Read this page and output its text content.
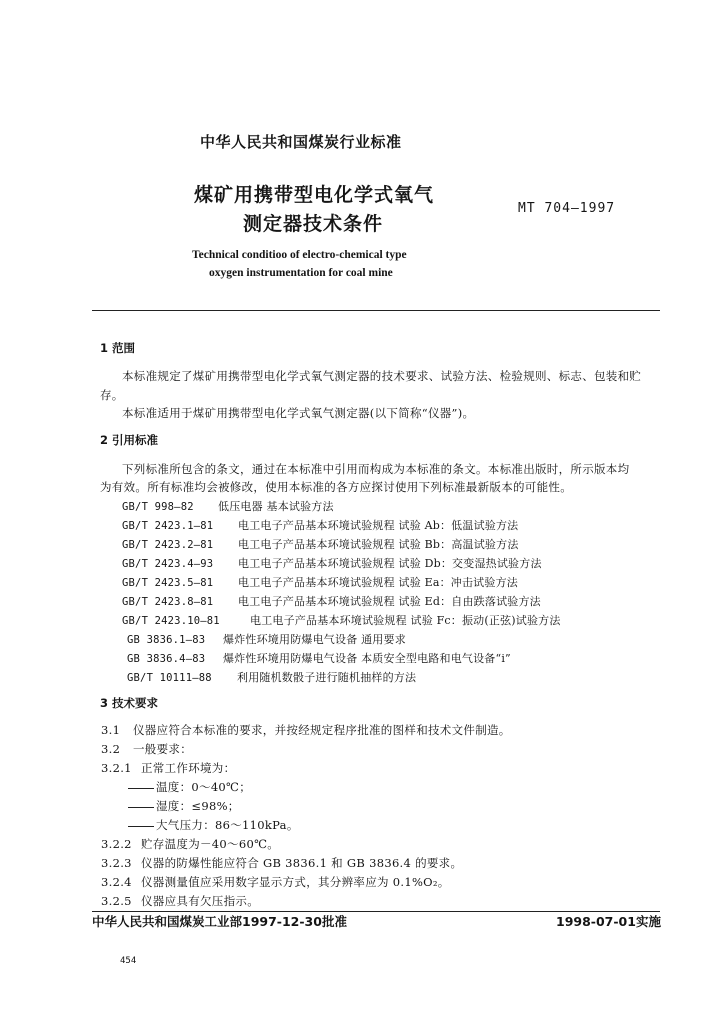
中华人民共和国煤炭行业标准
煤矿用携带型电化学式氧气
测定器技术条件
MT 704—1997
Technical conditioo of electro-chemical type
oxygen instrumentation for coal mine
1 范围
本标准规定了煤矿用携带型电化学式氧气测定器的技术要求、试验方法、检验规则、标志、包装和贮
存。
本标准适用于煤矿用携带型电化学式氧气测定器(以下简称“仪器”)。
2 引用标准
下列标准所包含的条文，通过在本标准中引用而构成为本标准的条文。本标准出版时，所示版本均
为有效。所有标准均会被修改，使用本标准的各方应探讨使用下列标准最新版本的可能性。
GB/T 998—82 低压电器 基本试验方法
GB/T 2423.1—81 电工电子产品基本环境试验规程 试验 Ab：低温试验方法
GB/T 2423.2—81 电工电子产品基本环境试验规程 试验 Bb：高温试验方法
GB/T 2423.4—93 电工电子产品基本环境试验规程 试验 Db：交变湿热试验方法
GB/T 2423.5—81 电工电子产品基本环境试验规程 试验 Ea：冲击试验方法
GB/T 2423.8—81 电工电子产品基本环境试验规程 试验 Ed：自由跌落试验方法
GB/T 2423.10—81	电工电子产品基本环境试验规程 试验 Fc：振动(正弦)试验方法
GB 3836.1—83 爆炸性环境用防爆电气设备 通用要求
GB 3836.4—83 爆炸性环境用防爆电气设备 本质安全型电路和电气设备“i”
GB/T 10111—88 利用随机数骰子进行随机抽样的方法
3 技术要求
3.1 仪器应符合本标准的要求，并按经规定程序批准的图样和技术文件制造。
3.2 一般要求：
3.2.1 正常工作环境为：
温度：0～40℃；
湿度：≤98%；
大气压力：86～110kPa。
3.2.2 贮存温度为－40～60℃。
3.2.3 仪器的防爆性能应符合 GB 3836.1 和 GB 3836.4 的要求。
3.2.4 仪器测量值应采用数字显示方式，其分辨率应为 0.1%O₂。
3.2.5 仪器应具有欠压指示。
中华人民共和国煤炭工业部1997-12-30批准	1998-07-01实施
454
